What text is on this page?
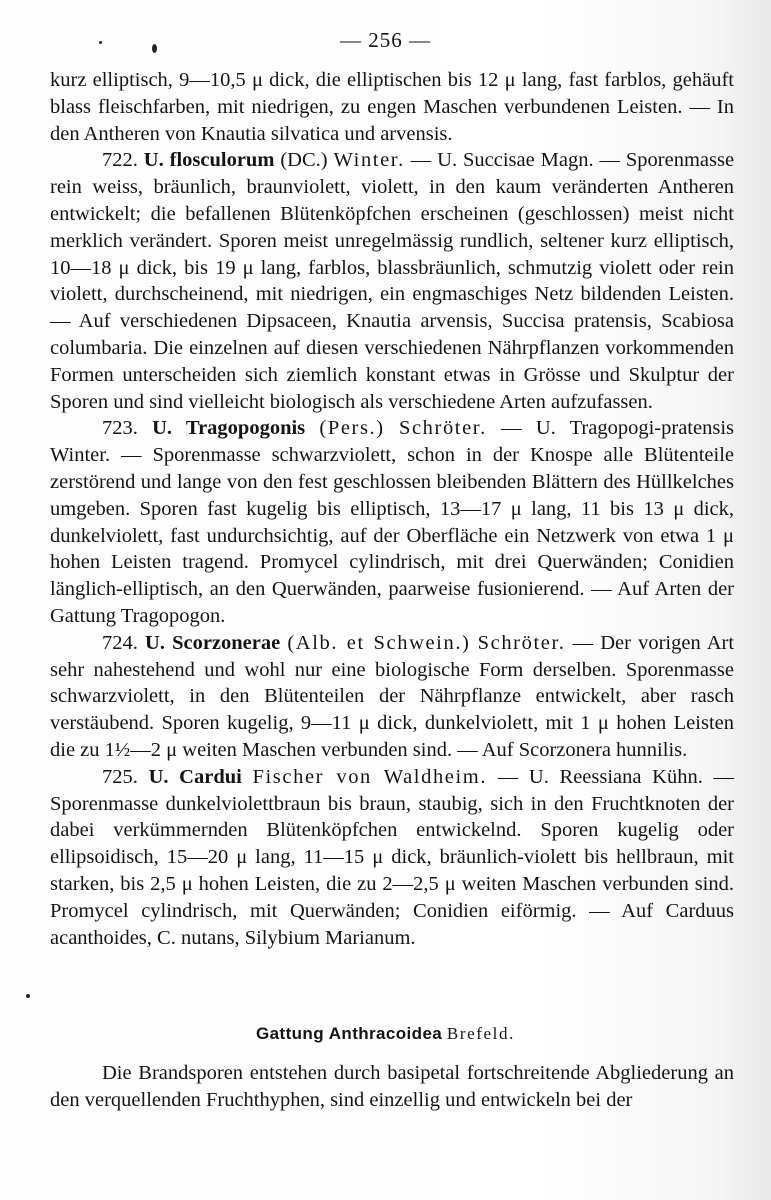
— 256 —

kurz elliptisch, 9—10,5 μ dick, die elliptischen bis 12 μ lang, fast farblos, gehäuft blass fleischfarben, mit niedrigen, zu engen Maschen verbundenen Leisten. — In den Antheren von Knautia silvatica und arvensis.

722. U. flosculorum (DC.) Winter. — U. Succisae Magn. — Sporenmasse rein weiss, bräunlich, braunviolett, violett, in den kaum veränderten Antheren entwickelt; die befallenen Blütenköpfchen erscheinen (geschlossen) meist nicht merklich verändert. Sporen meist unregelmässig rundlich, seltener kurz elliptisch, 10—18 μ dick, bis 19 μ lang, farblos, blassbräunlich, schmutzig violett oder rein violett, durchscheinend, mit niedrigen, ein engmaschiges Netz bildenden Leisten. — Auf verschiedenen Dipsaceen, Knautia arvensis, Succisa pratensis, Scabiosa columbaria. Die einzelnen auf diesen verschiedenen Nährpflanzen vorkommenden Formen unterscheiden sich ziemlich konstant etwas in Grösse und Skulptur der Sporen und sind vielleicht biologisch als verschiedene Arten aufzufassen.

723. U. Tragopogonis (Pers.) Schröter. — U. Tragopogi-pratensis Winter. — Sporenmasse schwarzviolett, schon in der Knospe alle Blütenteile zerstörend und lange von den fest geschlossen bleibenden Blättern des Hüllkelches umgeben. Sporen fast kugelig bis elliptisch, 13—17 μ lang, 11 bis 13 μ dick, dunkelviolett, fast undurchsichtig, auf der Oberfläche ein Netzwerk von etwa 1 μ hohen Leisten tragend. Promycel cylindrisch, mit drei Querwänden; Conidien länglich-elliptisch, an den Querwänden, paarweise fusionierend. — Auf Arten der Gattung Tragopogon.

724. U. Scorzonerae (Alb. et Schwein.) Schröter. — Der vorigen Art sehr nahestehend und wohl nur eine biologische Form derselben. Sporenmasse schwarzviolett, in den Blütenteilen der Nährpflanze entwickelt, aber rasch verstäubend. Sporen kugelig, 9—11 μ dick, dunkelviolett, mit 1 μ hohen Leisten die zu 1½—2 μ weiten Maschen verbunden sind. — Auf Scorzonera hunnilis.

725. U. Cardui Fischer von Waldheim. — U. Reessiana Kühn. — Sporenmasse dunkelviolettbraun bis braun, staubig, sich in den Fruchtknoten der dabei verkümmernden Blütenköpfchen entwickelnd. Sporen kugelig oder ellipsoidisch, 15—20 μ lang, 11—15 μ dick, bräunlich-violett bis hellbraun, mit starken, bis 2,5 μ hohen Leisten, die zu 2—2,5 μ weiten Maschen verbunden sind. Promycel cylindrisch, mit Querwänden; Conidien eiförmig. — Auf Carduus acanthoides, C. nutans, Silybium Marianum.

Gattung Anthracoidea Brefeld.

Die Brandsporen entstehen durch basipetal fortschreitende Abgliederung an den verquellenden Fruchthyphen, sind einzellig und entwickeln bei der
